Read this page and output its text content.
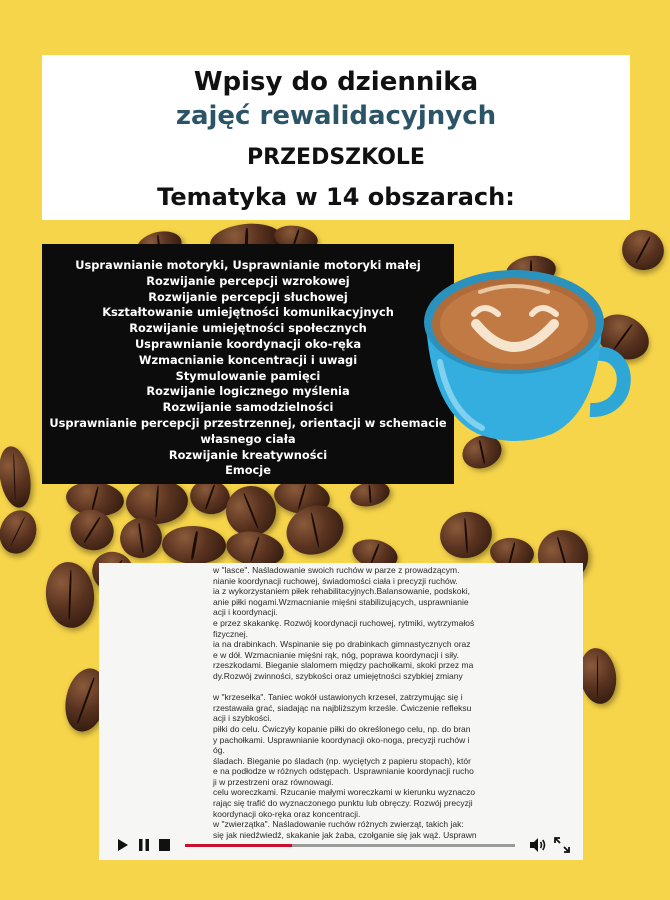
Wpisy do dziennika
zajęć rewalidacyjnych
PRZEDSZKOLE
Tematyka w 14 obszarach:
Usprawnianie motoryki, Usprawnianie motoryki małej
Rozwijanie percepcji wzrokowej
Rozwijanie percepcji słuchowej
Kształtowanie umiejętności komunikacyjnych
Rozwijanie umiejętności społecznych
Usprawnianie koordynacji oko-ręka
Wzmacnianie koncentracji i uwagi
Stymulowanie pamięci
Rozwijanie logicznego myślenia
Rozwijanie samodzielności
Usprawnianie percepcji przestrzennej, orientacji w schemacie
własnego ciała
Rozwijanie kreatywności
Emocje
w "lasce". Naśladowanie swoich ruchów w parze z prowadzącym.
nianie koordynacji ruchowej, świadomości ciała i precyzji ruchów.
ia z wykorzystaniem piłek rehabilitacyjnych.Balansowanie, podskoki,
anie piłki nogami.Wzmacnianie mięśni stabilizujących, usprawnianie
acji i koordynacji.
e przez skakankę. Rozwój koordynacji ruchowej, rytmiki, wytrzymałoś
fizycznej.
ia na drabinkach. Wspinanie się po drabinkach gimnastycznych oraz
e w dół. Wzmacnianie mięśni rąk, nóg, poprawa koordynacji i siły.
rzeszkodami. Bieganie slalomem między pachołkami, skoki przez ma
dy.Rozwój zwinności, szybkości oraz umiejętności szybkiej zmiany
w "krzesełka". Taniec wokół ustawionych krzeseł, zatrzymując się i
rzestawała grać, siadając na najbliższym krześle. Ćwiczenie refleksu
acji i szybkości.
piłki do celu. Ćwiczyły kopanie piłki do określonego celu, np. do bran
y pachołkami. Usprawnianie koordynacji oko-noga, precyzji ruchów i
óg.
śladach. Bieganie po śladach (np. wyciętych z papieru stopach), któr
e na podłodze w różnych odstępach. Usprawnianie koordynacji rucho
ji w przestrzeni oraz równowagi.
celu woreczkami. Rzucanie małymi woreczkami w kierunku wyznaczo
rając się trafić do wyznaczonego punktu lub obręczy. Rozwój precyzji
koordynacji oko-ręka oraz koncentracji.
w "zwierzątka". Naśladowanie ruchów różnych zwierząt, takich jak:
się jak niedźwiedź, skakanie jak żaba, czołganie się jak wąż. Usprawn
